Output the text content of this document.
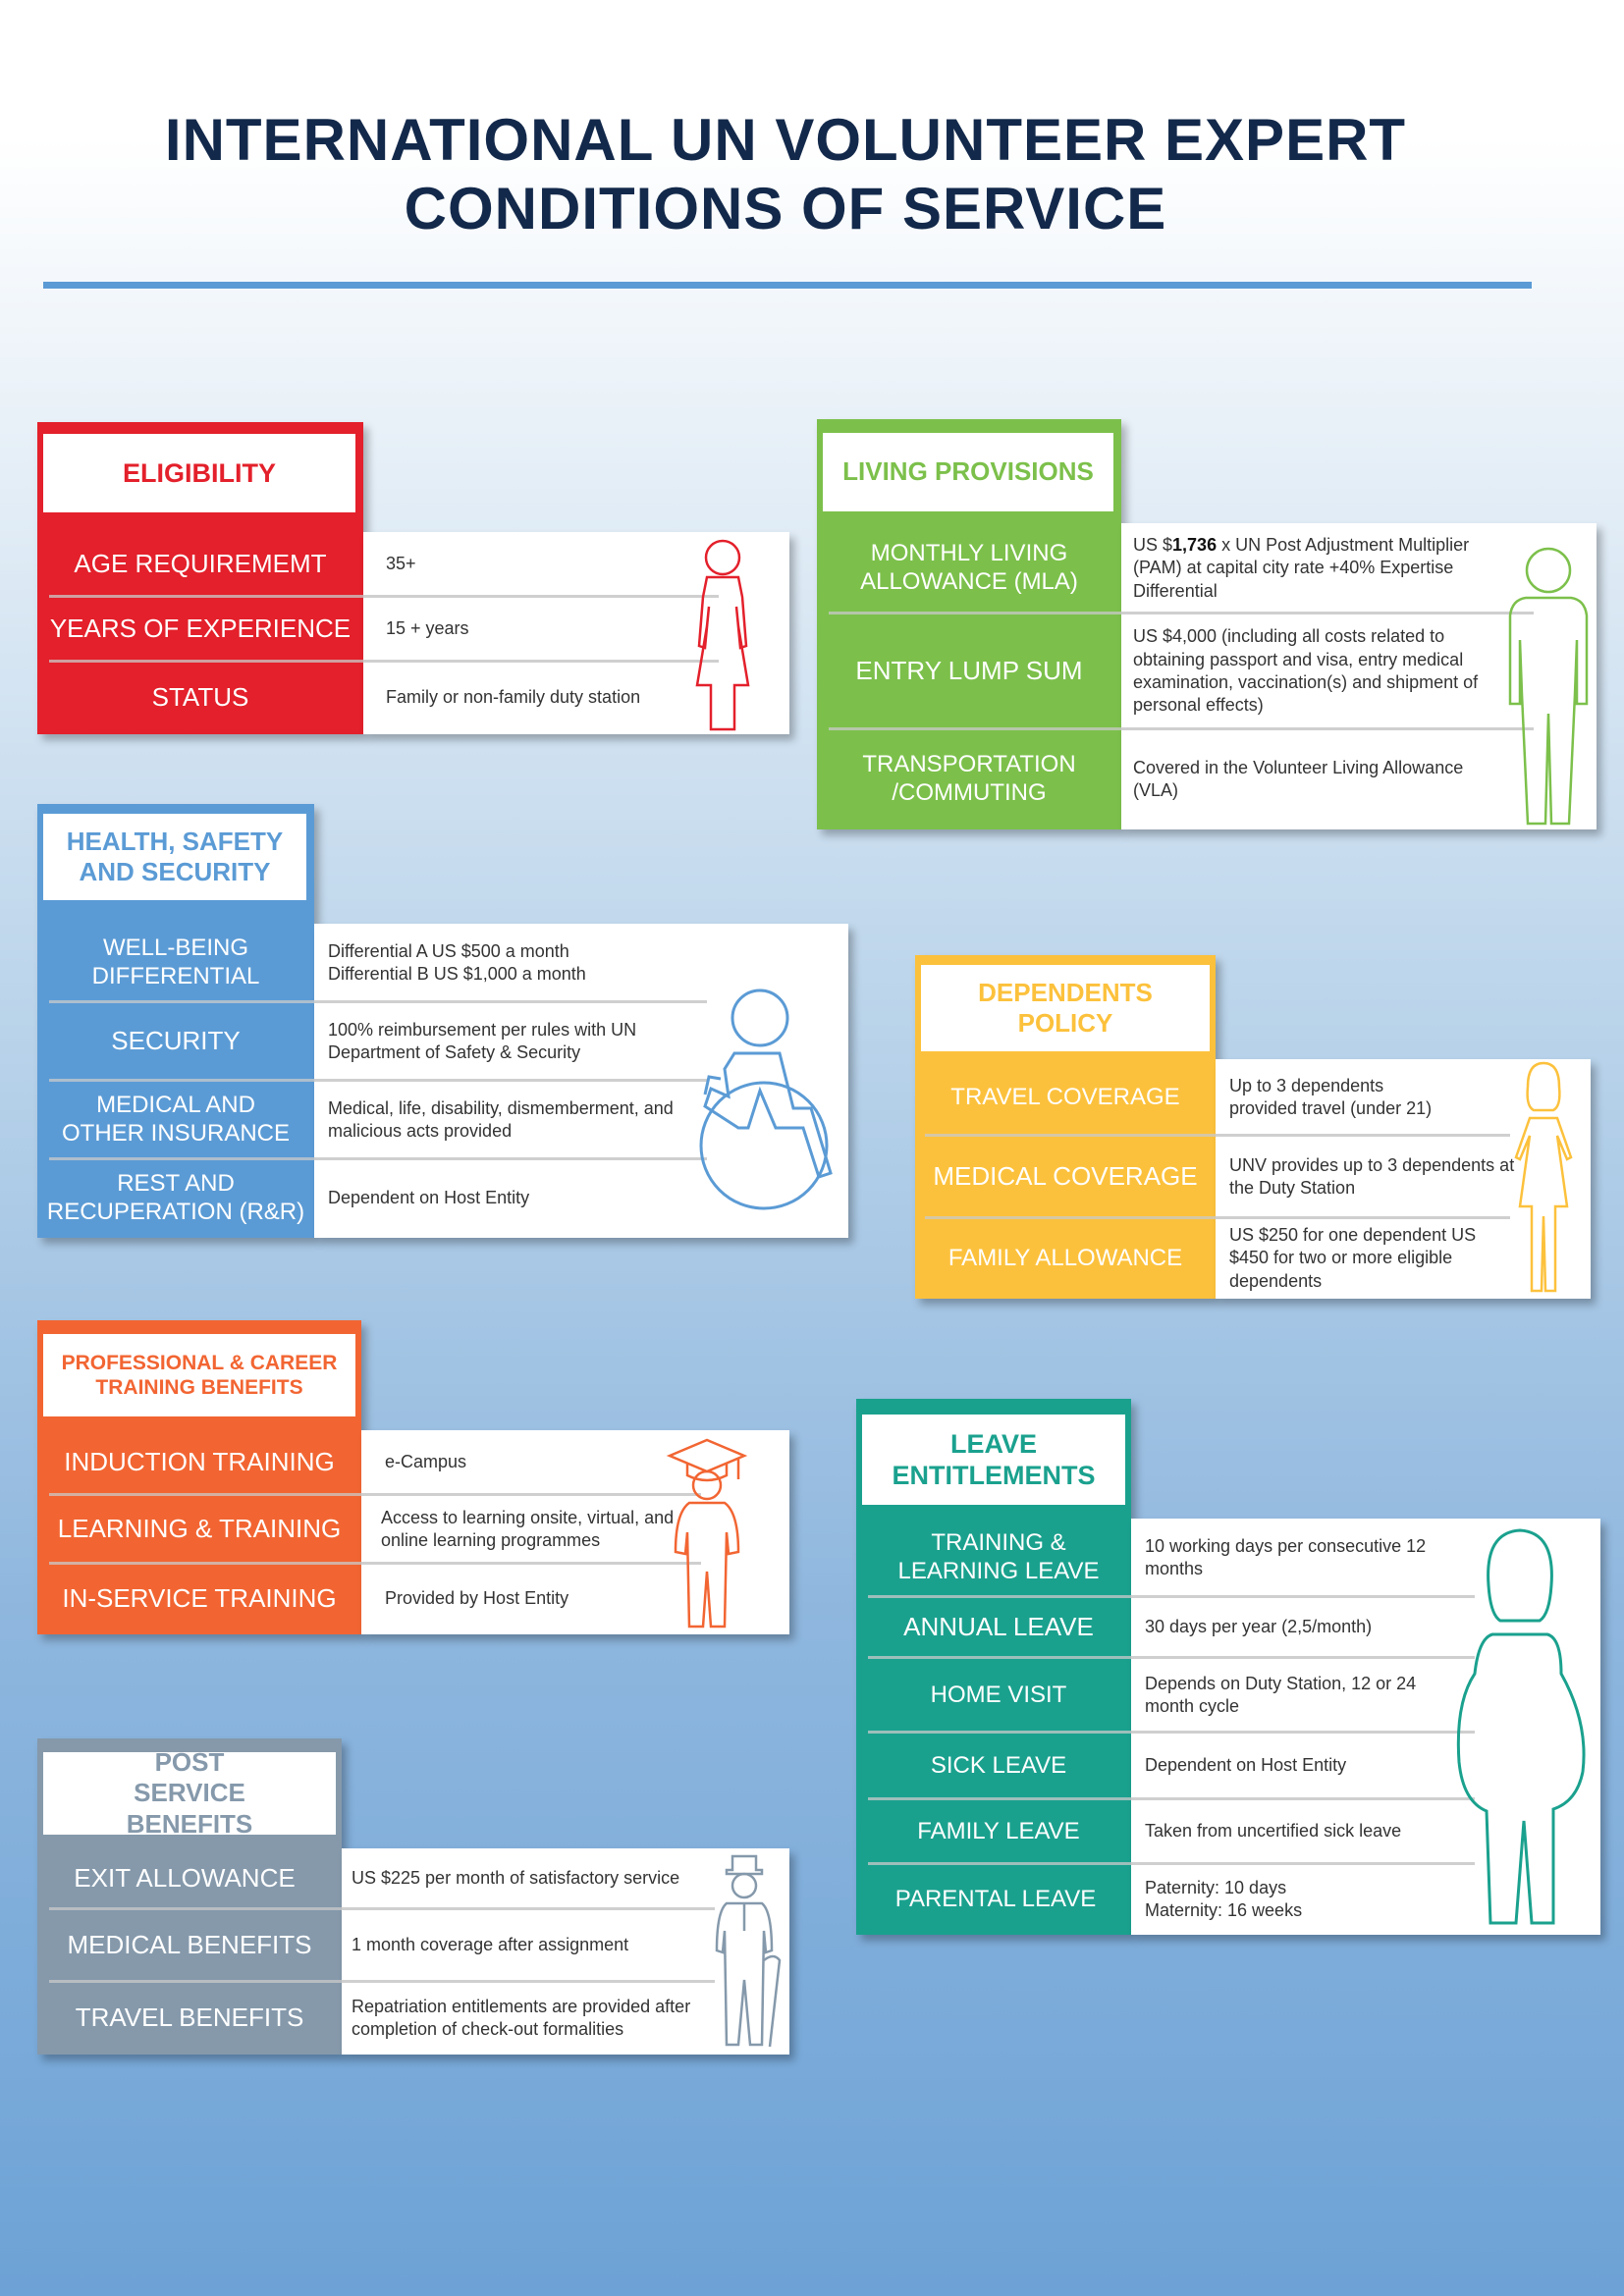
INTERNATIONAL UN VOLUNTEER EXPERT
CONDITIONS OF SERVICE
ELIGIBILITY
AGE REQUIREMEMT
YEARS OF EXPERIENCE
STATUS
35+
15 + years
Family or non-family duty station
LIVING PROVISIONS
MONTHLY LIVING ALLOWANCE (MLA)
ENTRY LUMP SUM
TRANSPORTATION /COMMUTING
US $1,736 x UN Post Adjustment Multiplier (PAM) at capital city rate +40% Expertise Differential
US $4,000 (including all costs related to obtaining passport and visa, entry medical examination, vaccination(s) and shipment of personal effects)
Covered in the Volunteer Living Allowance (VLA)
HEALTH, SAFETY AND SECURITY
WELL-BEING DIFFERENTIAL
SECURITY
MEDICAL AND OTHER INSURANCE
REST AND RECUPERATION (R&R)
Differential A US $500 a month Differential B US $1,000 a month
100% reimbursement per rules with UN Department of Safety & Security
Medical, life, disability, dismemberment, and malicious acts provided
Dependent on Host Entity
DEPENDENTS POLICY
TRAVEL COVERAGE
MEDICAL COVERAGE
FAMILY ALLOWANCE
Up to 3 dependents provided travel (under 21)
UNV provides up to 3 dependents at the Duty Station
US $250 for one dependent US $450 for two or more eligible dependents
PROFESSIONAL & CAREER TRAINING BENEFITS
INDUCTION TRAINING
LEARNING & TRAINING
IN-SERVICE TRAINING
e-Campus
Access to learning onsite, virtual, and online learning programmes
Provided by Host Entity
LEAVE ENTITLEMENTS
TRAINING & LEARNING LEAVE
ANNUAL LEAVE
HOME VISIT
SICK LEAVE
FAMILY LEAVE
PARENTAL LEAVE
10 working days per consecutive 12 months
30 days per year (2,5/month)
Depends on Duty Station, 12 or 24 month cycle
Dependent on Host Entity
Taken from uncertified sick leave
Paternity: 10 days Maternity: 16 weeks
POST SERVICE BENEFITS
EXIT ALLOWANCE
MEDICAL BENEFITS
TRAVEL BENEFITS
US $225 per month of satisfactory service
1 month coverage after assignment
Repatriation entitlements are provided after completion of check-out formalities
